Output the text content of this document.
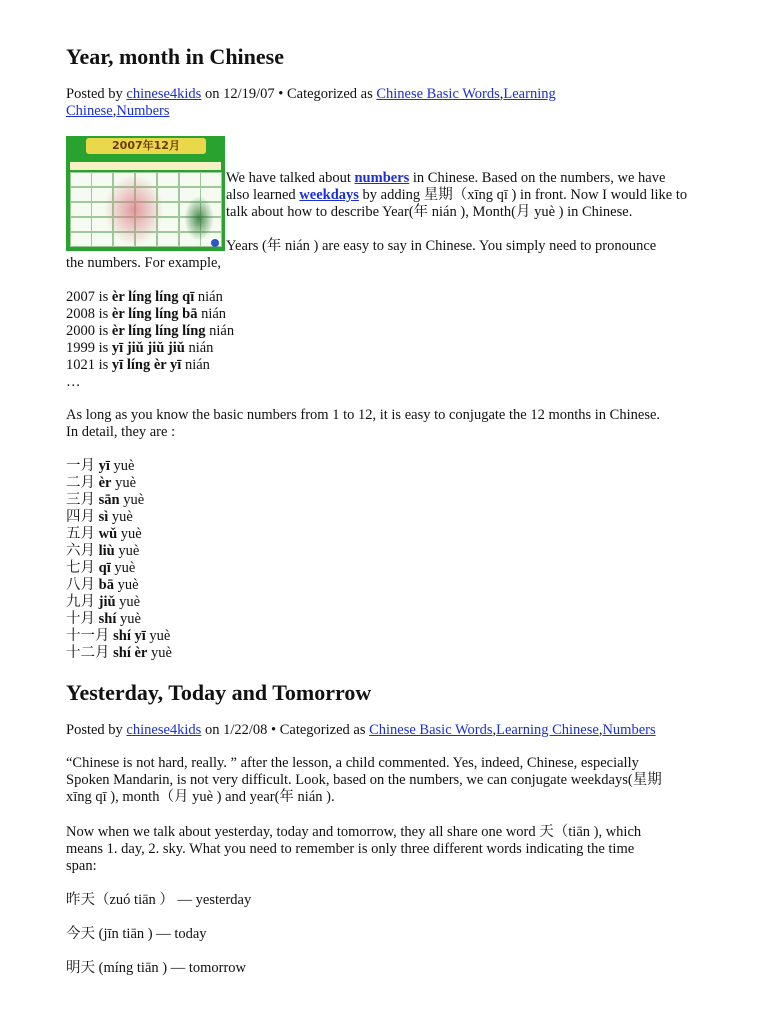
Year, month in Chinese
Posted by chinese4kids on 12/19/07 • Categorized as Chinese Basic Words,Learning
Chinese,Numbers
2007年12月
We have talked about numbers in Chinese. Based on the numbers, we have
also learned weekdays by adding 星期（xīng qī ) in front. Now I would like to
talk about how to describe Year(年 nián ), Month(月 yuè ) in Chinese.
Years (年 nián ) are easy to say in Chinese. You simply need to pronounce
the numbers. For example,
2007 is èr líng líng qī nián
2008 is èr líng líng bā nián
2000 is èr líng líng líng nián
1999 is yī jiǔ jiǔ jiǔ nián
1021 is yī líng èr yī nián
…
As long as you know the basic numbers from 1 to 12, it is easy to conjugate the 12 months in Chinese.
In detail, they are :
一月 yī yuè
二月 èr yuè
三月 sān yuè
四月 sì yuè
五月 wǔ yuè
六月 liù yuè
七月 qī yuè
八月 bā yuè
九月 jiǔ yuè
十月 shí yuè
十一月 shí yī yuè
十二月 shí èr yuè
Yesterday, Today and Tomorrow
Posted by chinese4kids on 1/22/08 • Categorized as Chinese Basic Words,Learning Chinese,Numbers
“Chinese is not hard, really. ” after the lesson, a child commented. Yes, indeed, Chinese, especially
Spoken Mandarin, is not very difficult. Look, based on the numbers, we can conjugate weekdays(星期
xīng qī ), month（月 yuè ) and year(年 nián ).
Now when we talk about yesterday, today and tomorrow, they all share one word 天（tiān ), which
means 1. day, 2. sky. What you need to remember is only three different words indicating the time
span:
昨天（zuó tiān ） — yesterday
今天 (jīn tiān ) — today
明天 (míng tiān ) — tomorrow
